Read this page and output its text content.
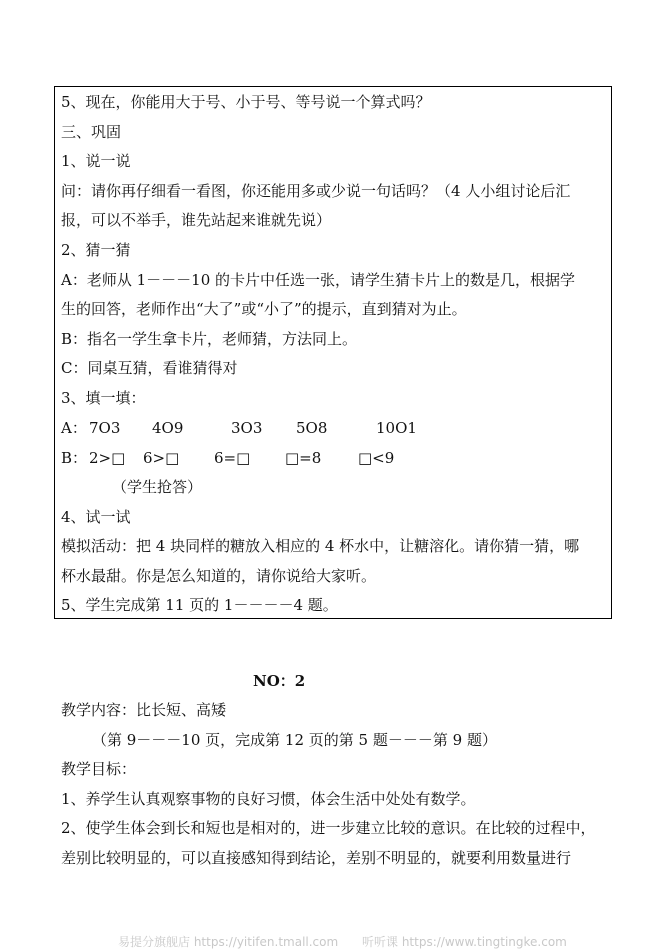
5、现在，你能用大于号、小于号、等号说一个算式吗？
三、巩固
1、说一说
问：请你再仔细看一看图，你还能用多或少说一句话吗？（4 人小组讨论后汇
报，可以不举手，谁先站起来谁就先说）
2、猜一猜
A：老师从 1－－－10 的卡片中任选一张，请学生猜卡片上的数是几，根据学
生的回答，老师作出“大了”或“小了”的提示，直到猜对为止。
B：指名一学生拿卡片，老师猜，方法同上。
C：同桌互猜，看谁猜得对
3、填一填：
A： 7O3 4O9	3O3 5O8	10O1
B： 2>□ 6>□ 6=□ □=8 □<9
（学生抢答）
4、试一试
模拟活动：把 4 块同样的糖放入相应的 4 杯水中，让糖溶化。请你猜一猜，哪
杯水最甜。你是怎么知道的，请你说给大家听。
5、学生完成第 11 页的 1－－－－4 题。
NO：2
教学内容：比长短、高矮
（第 9－－－10 页，完成第 12 页的第 5 题－－－第 9 题）
教学目标：
1、养学生认真观察事物的良好习惯，体会生活中处处有数学。
2、使学生体会到长和短也是相对的，进一步建立比较的意识。在比较的过程中，
差别比较明显的，可以直接感知得到结论，差别不明显的，就要利用数量进行
易提分旗舰店 https://yitifen.tmall.com 听听课 https://www.tingtingke.com
